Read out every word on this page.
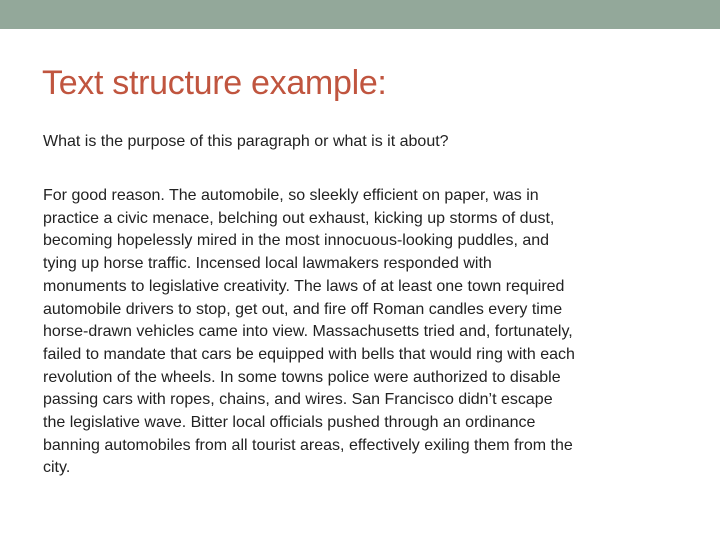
Text structure example:

What is the purpose of this paragraph or what is it about?

For good reason. The automobile, so sleekly efficient on paper, was in
practice a civic menace, belching out exhaust, kicking up storms of dust,
becoming hopelessly mired in the most innocuous-looking puddles, and
tying up horse traffic. Incensed local lawmakers responded with
monuments to legislative creativity. The laws of at least one town required
automobile drivers to stop, get out, and fire off Roman candles every time
horse-drawn vehicles came into view. Massachusetts tried and, fortunately,
failed to mandate that cars be equipped with bells that would ring with each
revolution of the wheels. In some towns police were authorized to disable
passing cars with ropes, chains, and wires. San Francisco didn’t escape
the legislative wave. Bitter local officials pushed through an ordinance
banning automobiles from all tourist areas, effectively exiling them from the
city.
